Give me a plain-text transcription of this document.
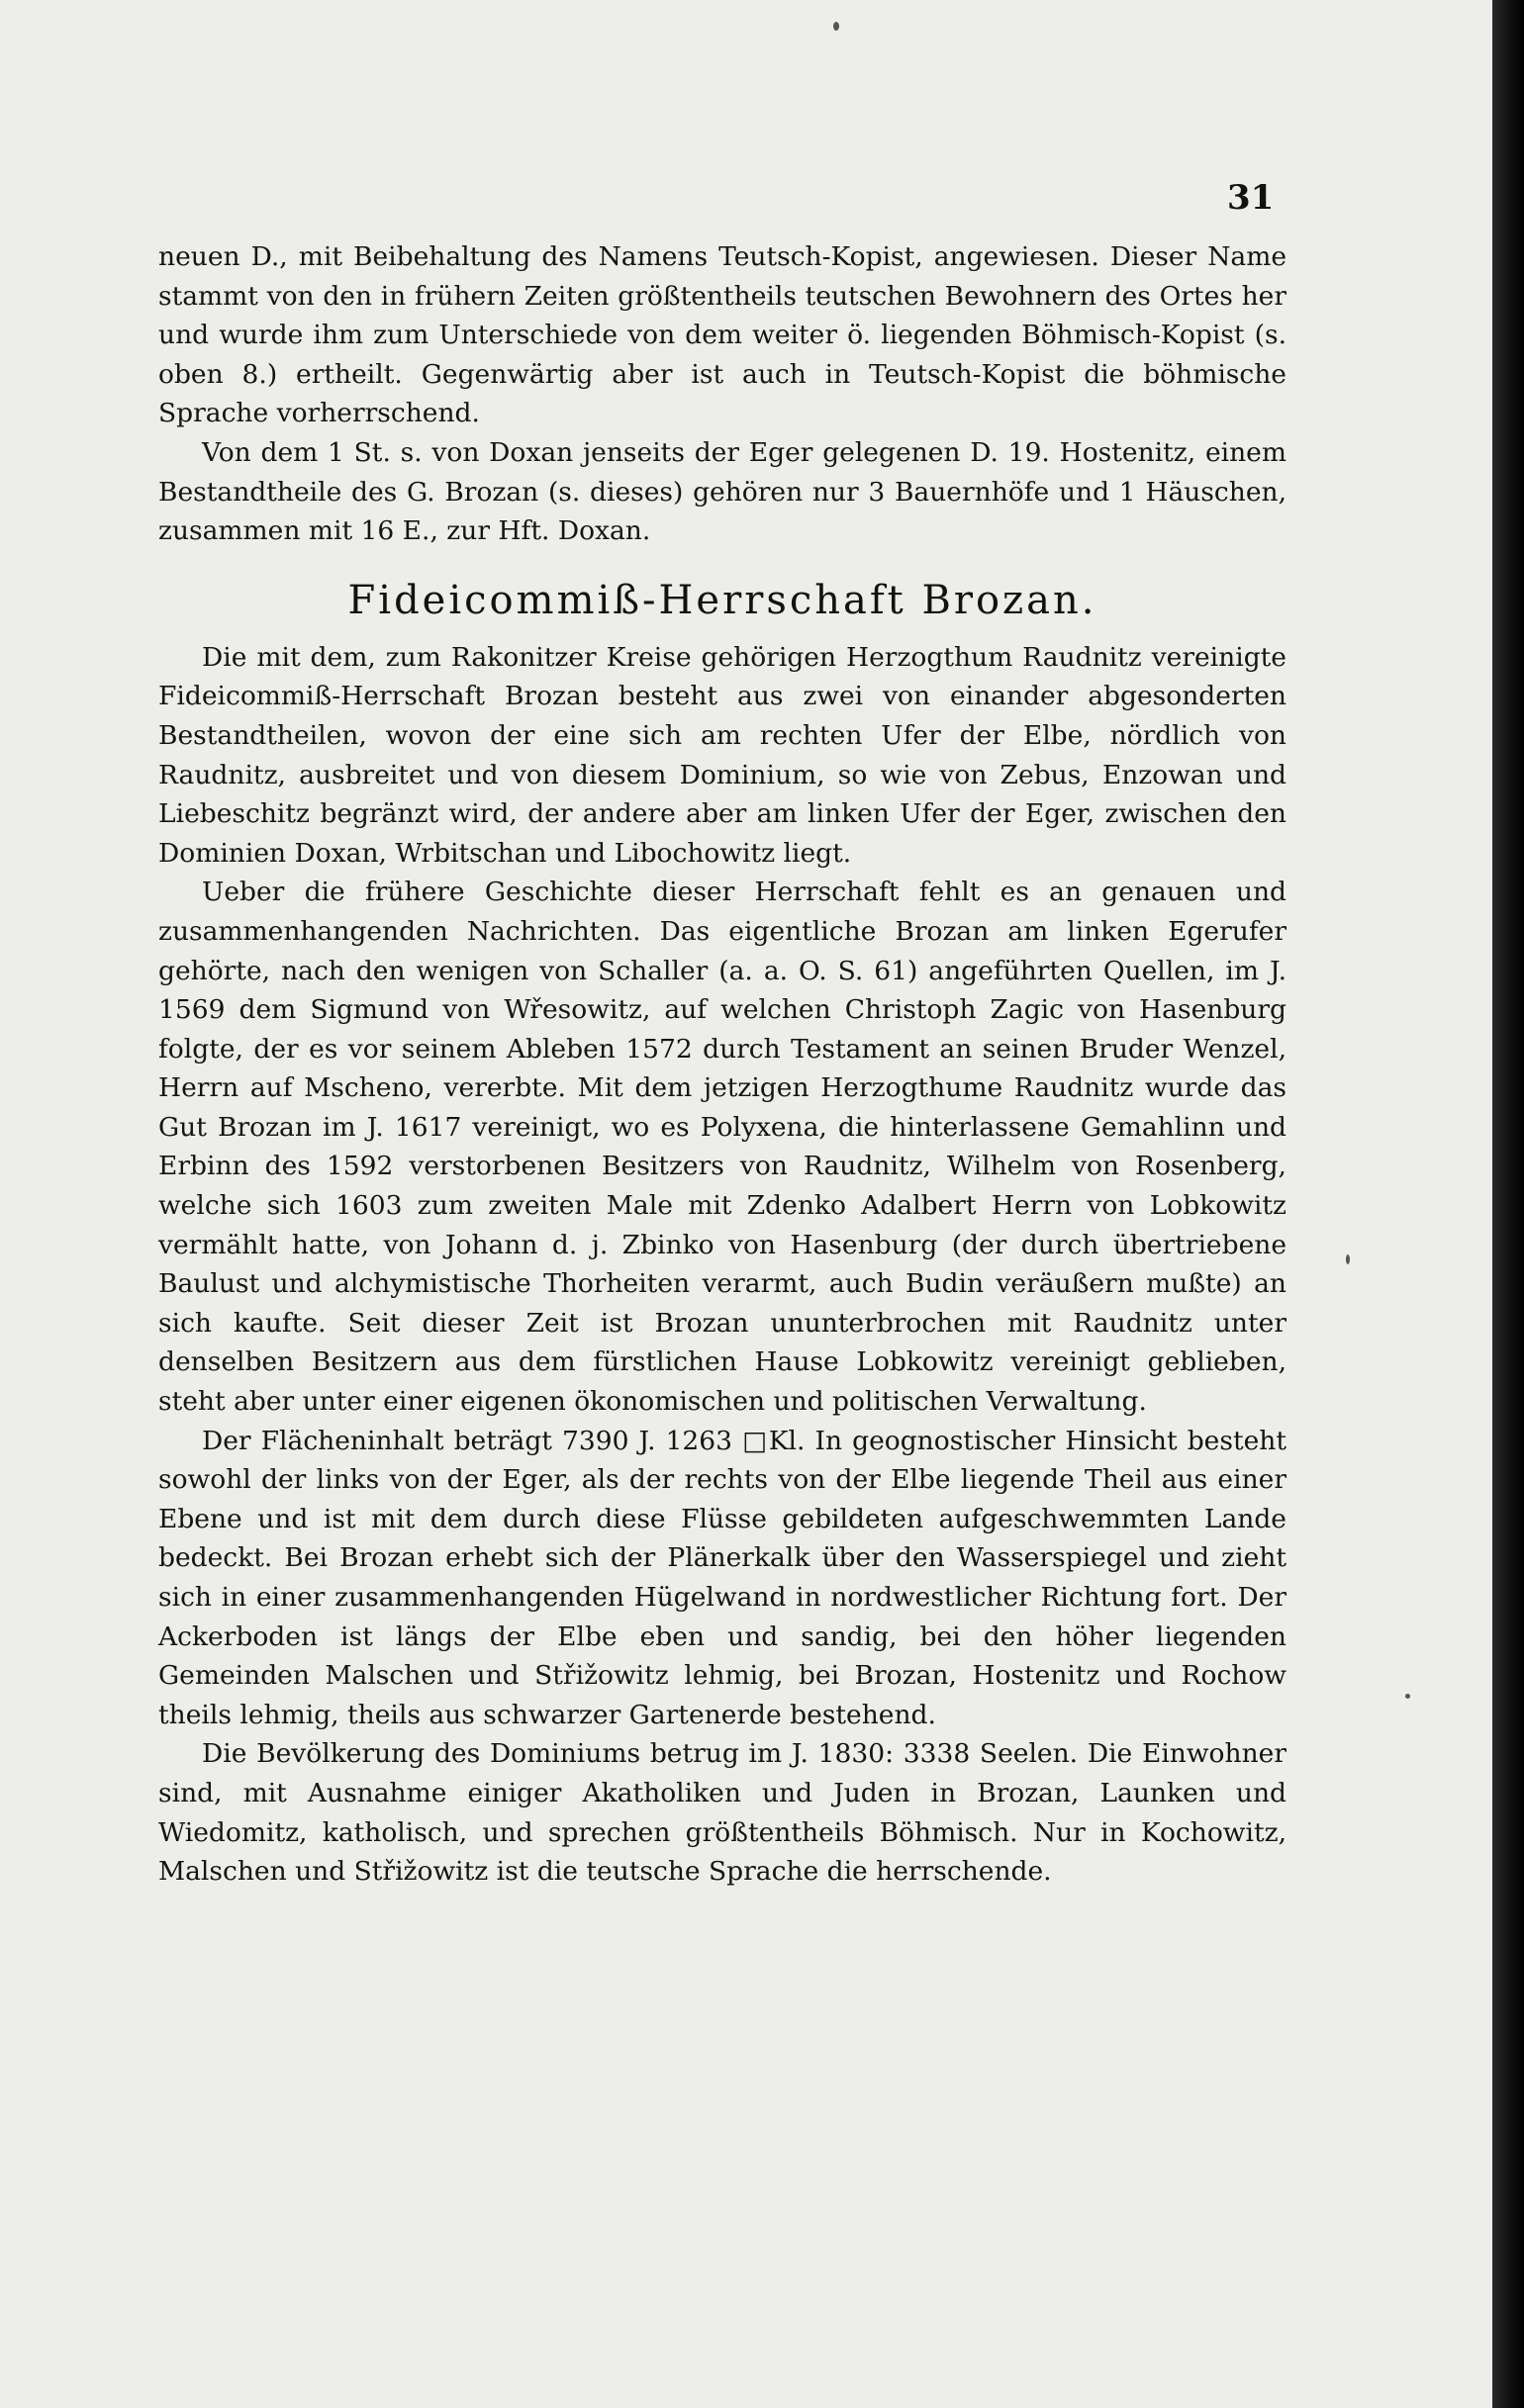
31

neuen D., mit Beibehaltung des Namens Teutsch-Kopist, angewiesen. Dieser Name stammt von den in frühern Zeiten größtentheils teutschen Bewohnern des Ortes her und wurde ihm zum Unterschiede von dem weiter ö. liegenden Böhmisch-Kopist (s. oben 8.) ertheilt. Gegenwärtig aber ist auch in Teutsch-Kopist die böhmische Sprache vorherrschend.

Von dem 1 St. s. von Doxan jenseits der Eger gelegenen D. 19. Hostenitz, einem Bestandtheile des G. Brozan (s. dieses) gehören nur 3 Bauernhöfe und 1 Häuschen, zusammen mit 16 E., zur Hft. Doxan.

Fideicommiß-Herrschaft Brozan.

Die mit dem, zum Rakonitzer Kreise gehörigen Herzogthum Raudnitz vereinigte Fideicommiß-Herrschaft Brozan besteht aus zwei von einander abgesonderten Bestandtheilen, wovon der eine sich am rechten Ufer der Elbe, nördlich von Raudnitz, ausbreitet und von diesem Dominium, so wie von Zebus, Enzowan und Liebeschitz begränzt wird, der andere aber am linken Ufer der Eger, zwischen den Dominien Doxan, Wrbitschan und Libochowitz liegt.

Ueber die frühere Geschichte dieser Herrschaft fehlt es an genauen und zusammenhangenden Nachrichten. Das eigentliche Brozan am linken Egerufer gehörte, nach den wenigen von Schaller (a. a. O. S. 61) angeführten Quellen, im J. 1569 dem Sigmund von Wřesowitz, auf welchen Christoph Zagic von Hasenburg folgte, der es vor seinem Ableben 1572 durch Testament an seinen Bruder Wenzel, Herrn auf Mscheno, vererbte. Mit dem jetzigen Herzogthume Raudnitz wurde das Gut Brozan im J. 1617 vereinigt, wo es Polyxena, die hinterlassene Gemahlinn und Erbinn des 1592 verstorbenen Besitzers von Raudnitz, Wilhelm von Rosenberg, welche sich 1603 zum zweiten Male mit Zdenko Adalbert Herrn von Lobkowitz vermählt hatte, von Johann d. j. Zbinko von Hasenburg (der durch übertriebene Baulust und alchymistische Thorheiten verarmt, auch Budin veräußern mußte) an sich kaufte. Seit dieser Zeit ist Brozan ununterbrochen mit Raudnitz unter denselben Besitzern aus dem fürstlichen Hause Lobkowitz vereinigt geblieben, steht aber unter einer eigenen ökonomischen und politischen Verwaltung.

Der Flächeninhalt beträgt 7390 J. 1263 □Kl. In geognostischer Hinsicht besteht sowohl der links von der Eger, als der rechts von der Elbe liegende Theil aus einer Ebene und ist mit dem durch diese Flüsse gebildeten aufgeschwemmten Lande bedeckt. Bei Brozan erhebt sich der Plänerkalk über den Wasserspiegel und zieht sich in einer zusammenhangenden Hügelwand in nordwestlicher Richtung fort. Der Ackerboden ist längs der Elbe eben und sandig, bei den höher liegenden Gemeinden Malschen und Střižowitz lehmig, bei Brozan, Hostenitz und Rochow theils lehmig, theils aus schwarzer Gartenerde bestehend.

Die Bevölkerung des Dominiums betrug im J. 1830: 3338 Seelen. Die Einwohner sind, mit Ausnahme einiger Akatholiken und Juden in Brozan, Launken und Wiedomitz, katholisch, und sprechen größtentheils Böhmisch. Nur in Kochowitz, Malschen und Střižowitz ist die teutsche Sprache die herrschende.
